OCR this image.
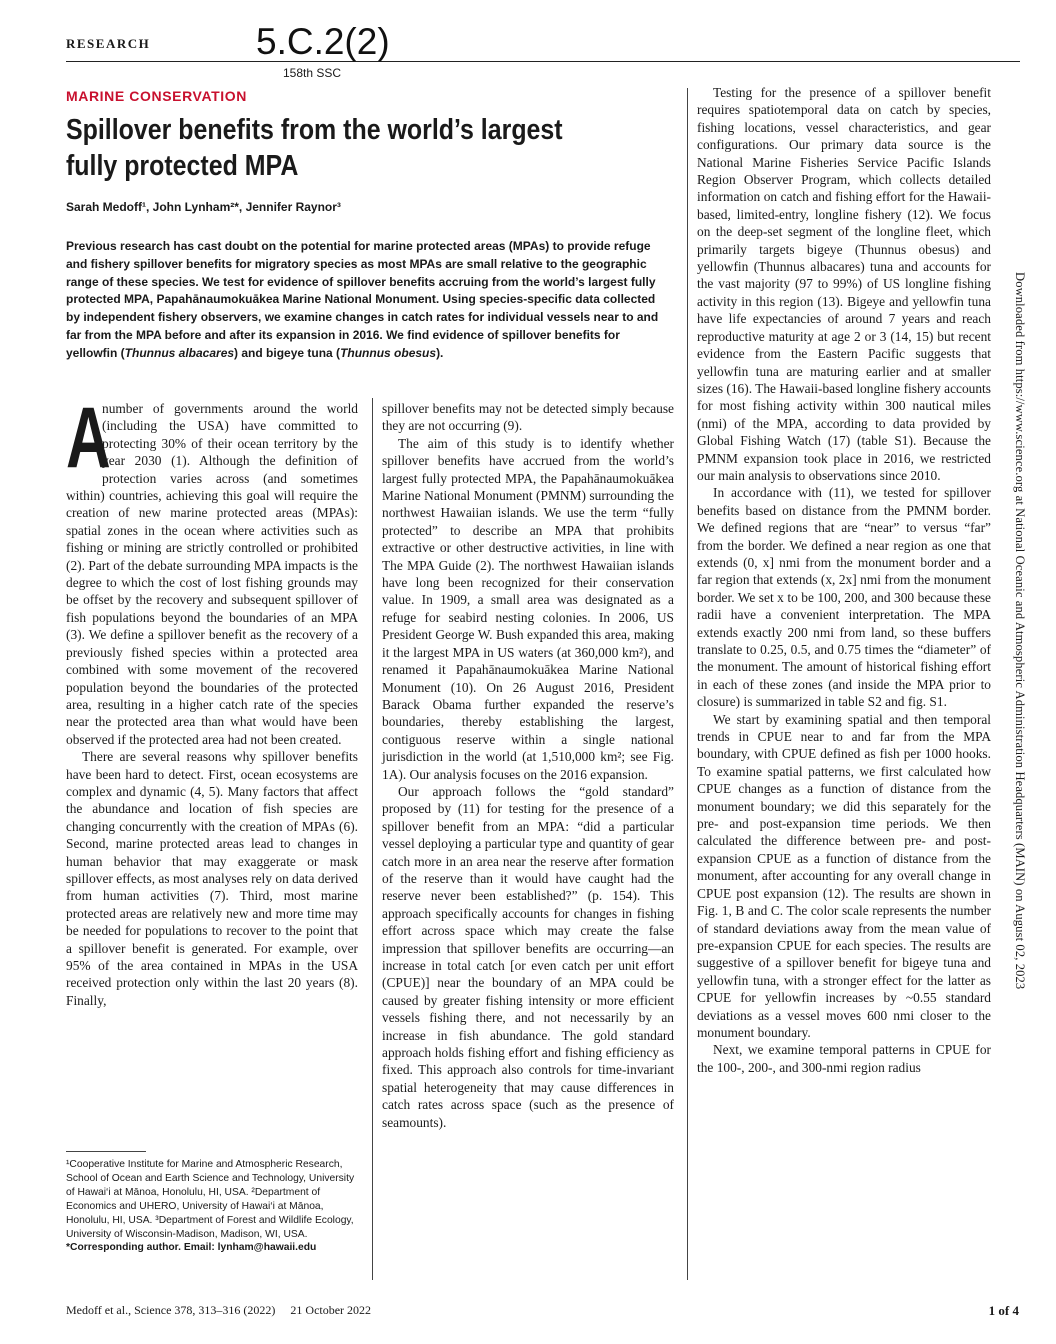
RESEARCH	5.C.2(2)
158th SSC
MARINE CONSERVATION
Spillover benefits from the world’s largest fully protected MPA
Sarah Medoff¹, John Lynham²*, Jennifer Raynor³

Previous research has cast doubt on the potential for marine protected areas (MPAs) to provide refuge and fishery spillover benefits for migratory species as most MPAs are small relative to the geographic range of these species. We test for evidence of spillover benefits accruing from the world’s largest fully protected MPA, Papahānaumokuākea Marine National Monument. Using species-specific data collected by independent fishery observers, we examine changes in catch rates for individual vessels near to and far from the MPA before and after its expansion in 2016. We find evidence of spillover benefits for yellowfin (Thunnus albacares) and bigeye tuna (Thunnus obesus).

A
number of governments around the world (including the USA) have committed to protecting 30% of their ocean territory by the year 2030 (1). Although the definition of protection varies across (and sometimes within) countries, achieving this goal will require the creation of new marine protected areas (MPAs): spatial zones in the ocean where activities such as fishing or mining are strictly controlled or prohibited (2). Part of the debate surrounding MPA impacts is the degree to which the cost of lost fishing grounds may be offset by the recovery and subsequent spillover of fish populations beyond the boundaries of an MPA (3). We define a spillover benefit as the recovery of a previously fished species within a protected area combined with some movement of the recovered population beyond the boundaries of the protected area, resulting in a higher catch rate of the species near the protected area than what would have been observed if the protected area had not been created.

There are several reasons why spillover benefits have been hard to detect. First, ocean ecosystems are complex and dynamic (4, 5). Many factors that affect the abundance and location of fish species are changing concurrently with the creation of MPAs (6). Second, marine protected areas lead to changes in human behavior that may exaggerate or mask spillover effects, as most analyses rely on data derived from human activities (7). Third, most marine protected areas are relatively new and more time may be needed for populations to recover to the point that a spillover benefit is generated. For example, over 95% of the area contained in MPAs in the USA received protection only within the last 20 years (8). Finally,

spillover benefits may not be detected simply because they are not occurring (9).

The aim of this study is to identify whether spillover benefits have accrued from the world’s largest fully protected MPA, the Papahānaumokuākea Marine National Monument (PMNM) surrounding the northwest Hawaiian islands. We use the term “fully protected” to describe an MPA that prohibits extractive or other destructive activities, in line with The MPA Guide (2). The northwest Hawaiian islands have long been recognized for their conservation value. In 1909, a small area was designated as a refuge for seabird nesting colonies. In 2006, US President George W. Bush expanded this area, making it the largest MPA in US waters (at 360,000 km²), and renamed it Papahānaumokuākea Marine National Monument (10). On 26 August 2016, President Barack Obama further expanded the reserve’s boundaries, thereby establishing the largest, contiguous reserve within a single national jurisdiction in the world (at 1,510,000 km²; see Fig. 1A). Our analysis focuses on the 2016 expansion.

Our approach follows the “gold standard” proposed by (11) for testing for the presence of a spillover benefit from an MPA: “did a particular vessel deploying a particular type and quantity of gear catch more in an area near the reserve after formation of the reserve than it would have caught had the reserve never been established?” (p. 154). This approach specifically accounts for changes in fishing effort across space which may create the false impression that spillover benefits are occurring—an increase in total catch [or even catch per unit effort (CPUE)] near the boundary of an MPA could be caused by greater fishing intensity or more efficient vessels fishing there, and not necessarily by an increase in fish abundance. The gold standard approach holds fishing effort and fishing efficiency as fixed. This approach also controls for time-invariant spatial heterogeneity that may cause differences in catch rates across space (such as the presence of seamounts).

Testing for the presence of a spillover benefit requires spatiotemporal data on catch by species, fishing locations, vessel characteristics, and gear configurations. Our primary data source is the National Marine Fisheries Service Pacific Islands Region Observer Program, which collects detailed information on catch and fishing effort for the Hawaii-based, limited-entry, longline fishery (12). We focus on the deep-set segment of the longline fleet, which primarily targets bigeye (Thunnus obesus) and yellowfin (Thunnus albacares) tuna and accounts for the vast majority (97 to 99%) of US longline fishing activity in this region (13). Bigeye and yellowfin tuna have life expectancies of around 7 years and reach reproductive maturity at age 2 or 3 (14, 15) but recent evidence from the Eastern Pacific suggests that yellowfin tuna are maturing earlier and at smaller sizes (16). The Hawaii-based longline fishery accounts for most fishing activity within 300 nautical miles (nmi) of the MPA, according to data provided by Global Fishing Watch (17) (table S1). Because the PMNM expansion took place in 2016, we restricted our main analysis to observations since 2010.

In accordance with (11), we tested for spillover benefits based on distance from the PMNM border. We defined regions that are “near” to versus “far” from the border. We defined a near region as one that extends (0, x] nmi from the monument border and a far region that extends (x, 2x] nmi from the monument border. We set x to be 100, 200, and 300 because these radii have a convenient interpretation. The MPA extends exactly 200 nmi from land, so these buffers translate to 0.25, 0.5, and 0.75 times the “diameter” of the monument. The amount of historical fishing effort in each of these zones (and inside the MPA prior to closure) is summarized in table S2 and fig. S1.

We start by examining spatial and then temporal trends in CPUE near to and far from the MPA boundary, with CPUE defined as fish per 1000 hooks. To examine spatial patterns, we first calculated how CPUE changes as a function of distance from the monument boundary; we did this separately for the pre- and post-expansion time periods. We then calculated the difference between pre- and post-expansion CPUE as a function of distance from the monument, after accounting for any overall change in CPUE post expansion (12). The results are shown in Fig. 1, B and C. The color scale represents the number of standard deviations away from the mean value of pre-expansion CPUE for each species. The results are suggestive of a spillover benefit for bigeye tuna and yellowfin tuna, with a stronger effect for the latter as CPUE for yellowfin increases by ~0.55 standard deviations as a vessel moves 600 nmi closer to the monument boundary.

Next, we examine temporal patterns in CPUE for the 100-, 200-, and 300-nmi region radius

¹Cooperative Institute for Marine and Atmospheric Research, School of Ocean and Earth Science and Technology, University of Hawai‘i at Mānoa, Honolulu, HI, USA. ²Department of Economics and UHERO, University of Hawai‘i at Mānoa, Honolulu, HI, USA. ³Department of Forest and Wildlife Ecology, University of Wisconsin-Madison, Madison, WI, USA.
*Corresponding author. Email: lynham@hawaii.edu
Medoff et al., Science 378, 313–316 (2022)     21 October 2022	1 of 4
Downloaded from https://www.science.org at National Oceanic and Atmospheric Administration Headquarters (MAIN) on August 02, 2023
